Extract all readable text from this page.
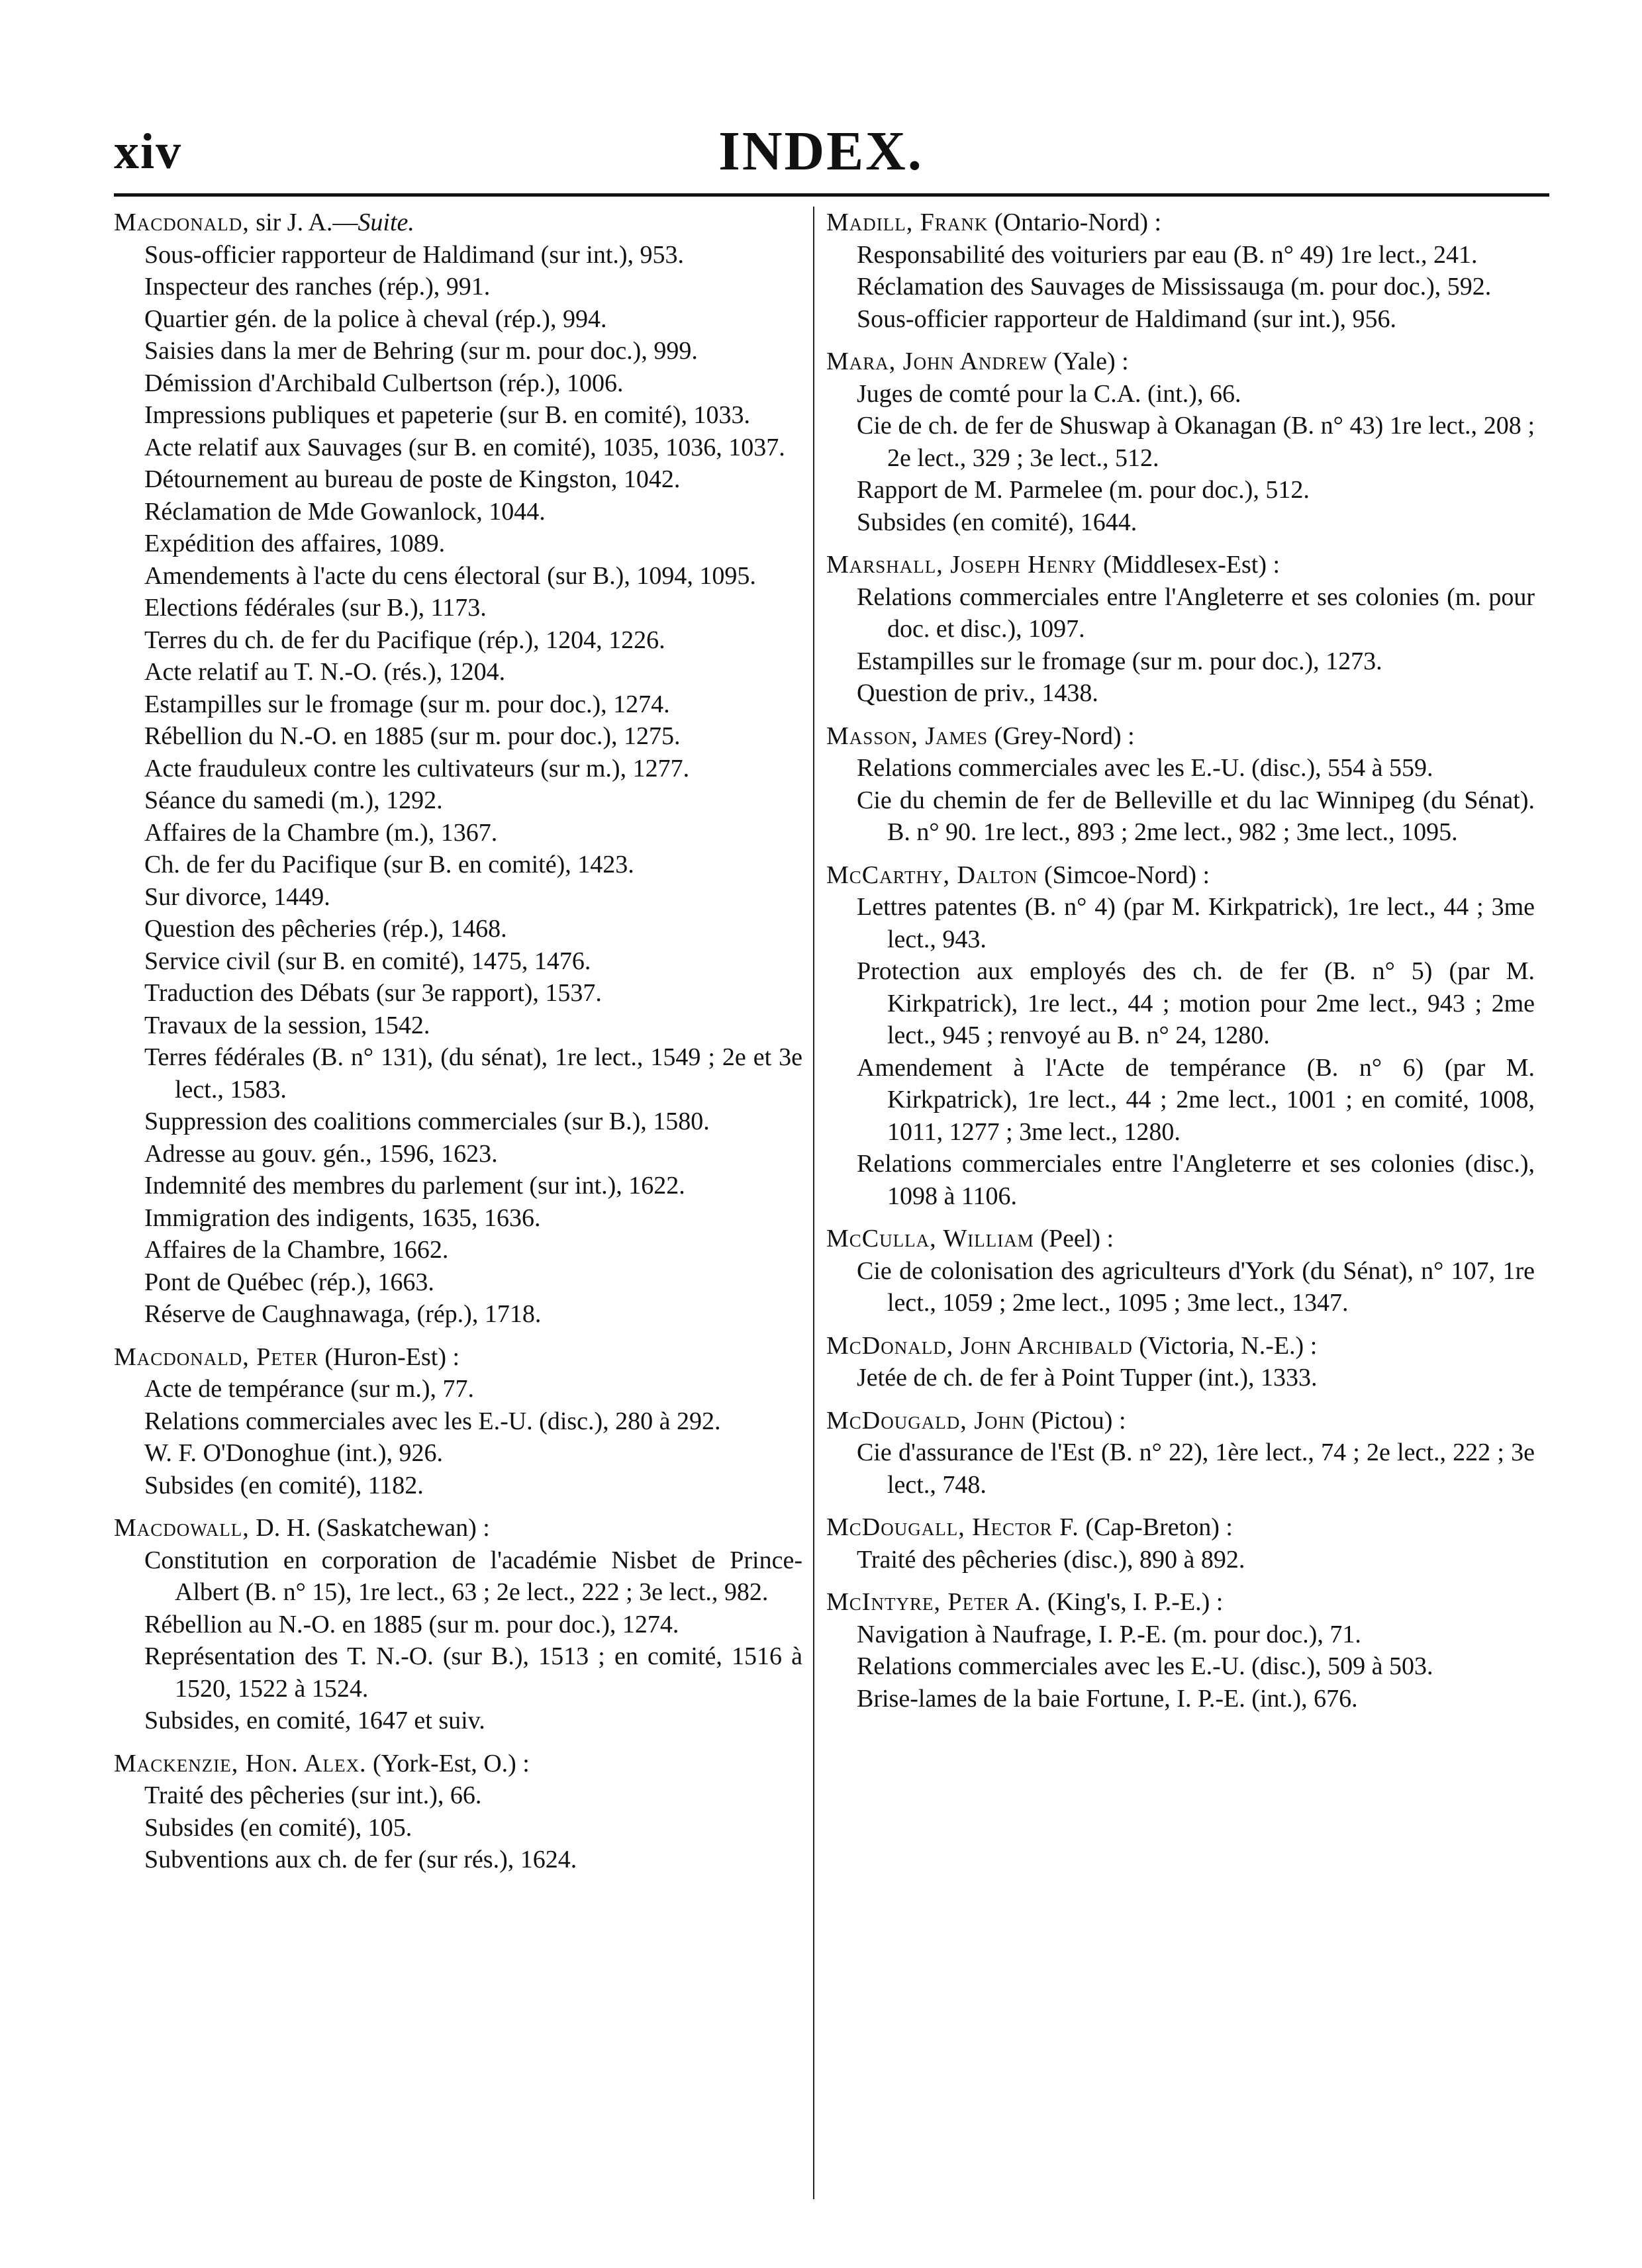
xiv	INDEX.
Macdonald, sir J. A.—Suite.
Sous-officier rapporteur de Haldimand (sur int.), 953.
Inspecteur des ranches (rép.), 991.
Quartier gén. de la police à cheval (rép.), 994.
Saisies dans la mer de Behring (sur m. pour doc.), 999.
Démission d'Archibald Culbertson (rép.), 1006.
Impressions publiques et papeterie (sur B. en comité), 1033.
Acte relatif aux Sauvages (sur B. en comité), 1035, 1036, 1037.
Détournement au bureau de poste de Kingston, 1042.
Réclamation de Mde Gowanlock, 1044.
Expédition des affaires, 1089.
Amendements à l'acte du cens électoral (sur B.), 1094, 1095.
Elections fédérales (sur B.), 1173.
Terres du ch. de fer du Pacifique (rép.), 1204, 1226.
Acte relatif au T. N.-O. (rés.), 1204.
Estampilles sur le fromage (sur m. pour doc.), 1274.
Rébellion du N.-O. en 1885 (sur m. pour doc.), 1275.
Acte frauduleux contre les cultivateurs (sur m.), 1277.
Séance du samedi (m.), 1292.
Affaires de la Chambre (m.), 1367.
Ch. de fer du Pacifique (sur B. en comité), 1423.
Sur divorce, 1449.
Question des pêcheries (rép.), 1468.
Service civil (sur B. en comité), 1475, 1476.
Traduction des Débats (sur 3e rapport), 1537.
Travaux de la session, 1542.
Terres fédérales (B. n° 131), (du sénat), 1re lect., 1549 ; 2e et 3e lect., 1583.
Suppression des coalitions commerciales (sur B.), 1580.
Adresse au gouv. gén., 1596, 1623.
Indemnité des membres du parlement (sur int.), 1622.
Immigration des indigents, 1635, 1636.
Affaires de la Chambre, 1662.
Pont de Québec (rép.), 1663.
Réserve de Caughnawaga, (rép.), 1718.
Macdonald, Peter (Huron-Est) :
Acte de tempérance (sur m.), 77.
Relations commerciales avec les E.-U. (disc.), 280 à 292.
W. F. O'Donoghue (int.), 926.
Subsides (en comité), 1182.
Macdowall, D. H. (Saskatchewan) :
Constitution en corporation de l'académie Nisbet de Prince-Albert (B. n° 15), 1re lect., 63 ; 2e lect., 222 ; 3e lect., 982.
Rébellion au N.-O. en 1885 (sur m. pour doc.), 1274.
Représentation des T. N.-O. (sur B.), 1513 ; en comité, 1516 à 1520, 1522 à 1524.
Subsides, en comité, 1647 et suiv.
Mackenzie, Hon. Alex. (York-Est, O.) :
Traité des pêcheries (sur int.), 66.
Subsides (en comité), 105.
Subventions aux ch. de fer (sur rés.), 1624.
Madill, Frank (Ontario-Nord) :
Responsabilité des voituriers par eau (B. n° 49) 1re lect., 241.
Réclamation des Sauvages de Mississauga (m. pour doc.), 592.
Sous-officier rapporteur de Haldimand (sur int.), 956.
Mara, John Andrew (Yale) :
Juges de comté pour la C.A. (int.), 66.
Cie de ch. de fer de Shuswap à Okanagan (B. n° 43) 1re lect., 208 ; 2e lect., 329 ; 3e lect., 512.
Rapport de M. Parmelee (m. pour doc.), 512.
Subsides (en comité), 1644.
Marshall, Joseph Henry (Middlesex-Est) :
Relations commerciales entre l'Angleterre et ses colonies (m. pour doc. et disc.), 1097.
Estampilles sur le fromage (sur m. pour doc.), 1273.
Question de priv., 1438.
Masson, James (Grey-Nord) :
Relations commerciales avec les E.-U. (disc.), 554 à 559.
Cie du chemin de fer de Belleville et du lac Winnipeg (du Sénat). B. n° 90. 1re lect., 893 ; 2me lect., 982 ; 3me lect., 1095.
McCarthy, Dalton (Simcoe-Nord) :
Lettres patentes (B. n° 4) (par M. Kirkpatrick), 1re lect., 44 ; 3me lect., 943.
Protection aux employés des ch. de fer (B. n° 5) (par M. Kirkpatrick), 1re lect., 44 ; motion pour 2me lect., 943 ; 2me lect., 945 ; renvoyé au B. n° 24, 1280.
Amendement à l'Acte de tempérance (B. n° 6) (par M. Kirkpatrick), 1re lect., 44 ; 2me lect., 1001 ; en comité, 1008, 1011, 1277 ; 3me lect., 1280.
Relations commerciales entre l'Angleterre et ses colonies (disc.), 1098 à 1106.
McCulla, William (Peel) :
Cie de colonisation des agriculteurs d'York (du Sénat), n° 107, 1re lect., 1059 ; 2me lect., 1095 ; 3me lect., 1347.
McDonald, John Archibald (Victoria, N.-E.) :
Jetée de ch. de fer à Point Tupper (int.), 1333.
McDougald, John (Pictou) :
Cie d'assurance de l'Est (B. n° 22), 1ère lect., 74 ; 2e lect., 222 ; 3e lect., 748.
McDougall, Hector F. (Cap-Breton) :
Traité des pêcheries (disc.), 890 à 892.
McIntyre, Peter A. (King's, I. P.-E.) :
Navigation à Naufrage, I. P.-E. (m. pour doc.), 71.
Relations commerciales avec les E.-U. (disc.), 509 à 503.
Brise-lames de la baie Fortune, I. P.-E. (int.), 676.
